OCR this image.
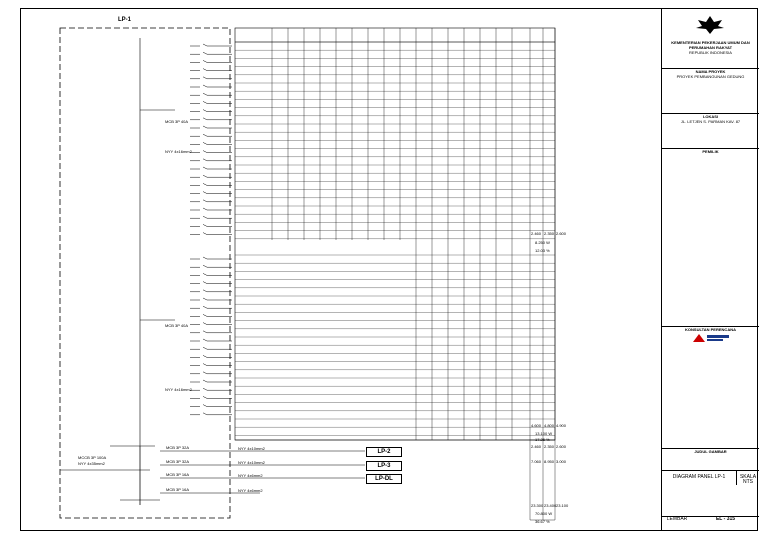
LP-1
MCB 3P 40A
NYY 4x16mm2
MCB 3P 40A
NYY 4x16mm2
MCCB 3P 100A
NYY 4x35mm2
MCB 3P 32A	NYY 4x10mm2
LP-2
MCB 3P 32A	NYY 4x10mm2
LP-3
MCB 3P 16A	NYY 4x6mm2
LP-DL
MCB 3P 16A	NYY 4x6mm2
2.460 2.350 2.600
8.250 W
12.03 %
4.600 4.800 4.900
13.100 W
17.25 %
2.460 2.350 2.600
7.060 8.950 3.000
23.300 23.400 23.100
70.800 W
36.67 %
KEMENTERIAN PEKERJAAN UMUM DAN PERUMAHAN RAKYAT
REPUBLIK INDONESIA
NAMA PROYEK
PROYEK PEMBANGUNAN GEDUNG
LOKASI
JL. LETJEN S. PARMAN KAV. 87
PEMILIK
KONSULTAN PERENCANA
JUDUL GAMBAR
DIAGRAM PANEL LP-1	SKALA
NTS
LEMBAR	EL - 315
